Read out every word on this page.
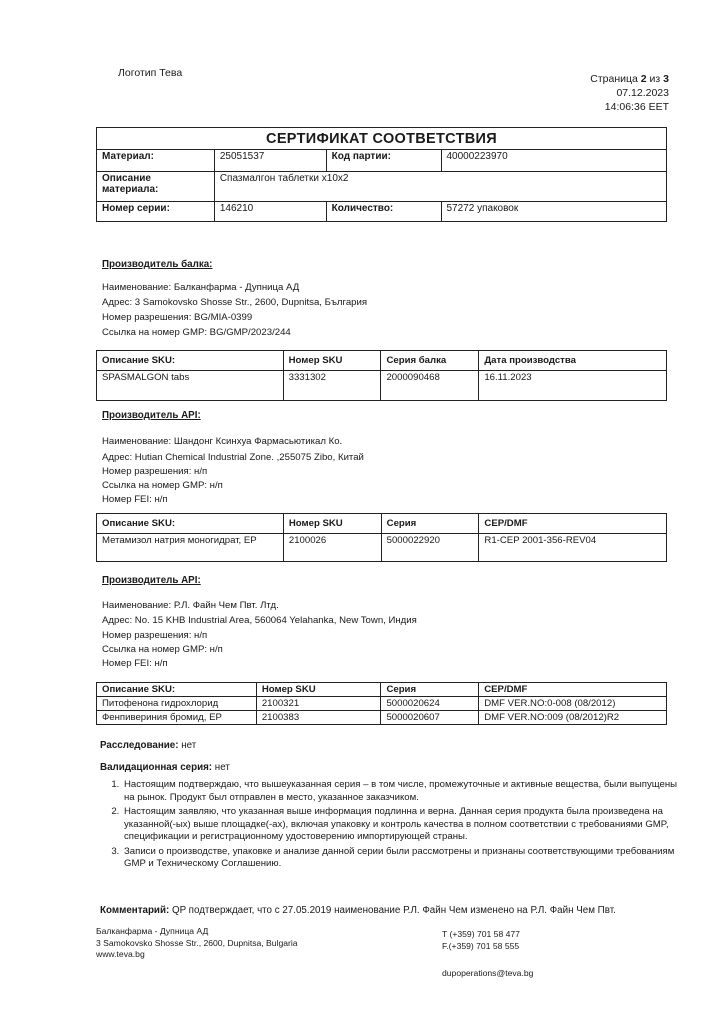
Логотип Тева	Страница 2 из 3
07.12.2023
14:06:36 EET
СЕРТИФИКАТ СООТВЕТСТВИЯ			
Материал:	25051537	Код партии:	40000223970
Описание материала:	Спазмалгон таблетки x10x2		
Номер серии:	146210	Количество:	57272 упаковок
Производитель балка:
Наименование: Балканфарма - Дупница АД
Адрес: 3 Samokovsko Shosse Str., 2600, Dupnitsa, България
Номер разрешения: BG/MIA-0399
Ссылка на номер GMP: BG/GMP/2023/244
Описание SKU:	Номер SKU	Серия балка	Дата производства
SPASMALGON tabs	3331302	2000090468	16.11.2023
Производитель API:
Наименование: Шандонг Ксинхуа Фармасьютикал Ко.
Адрес: Hutian Chemical Industrial Zone. ,255075 Zibo, Китай
Номер разрешения: н/п
Ссылка на номер GMP: н/п
Номер FEI: н/п
Описание SKU:	Номер SKU	Серия	CEP/DMF
Метамизол натрия моногидрат, EP	2100026	5000022920	R1-CEP 2001-356-REV04
Производитель API:
Наименование: Р.Л. Файн Чем Пвт. Лтд.
Адрес: No. 15 KHB Industrial Area, 560064 Yelahanka, New Town, Индия
Номер разрешения: н/п
Ссылка на номер GMP: н/п
Номер FEI: н/п
Описание SKU:	Номер SKU	Серия	CEP/DMF
Питофенона гидрохлорид	2100321	5000020624	DMF VER.NO:0-008 (08/2012)
Фенпивериния бромид, EP	2100383	5000020607	DMF VER.NO:009 (08/2012)R2
Расследование: нет
Валидационная серия: нет
1. Настоящим подтверждаю, что вышеуказанная серия – в том числе, промежуточные и активные вещества, были выпущены на рынок. Продукт был отправлен в место, указанное заказчиком.
2. Настоящим заявляю, что указанная выше информация подлинна и верна. Данная серия продукта была произведена на указанной(-ых) выше площадке(-ах), включая упаковку и контроль качества в полном соответствии с требованиями GMP, спецификации и регистрационному удостоверению импортирующей страны.
3. Записи о производстве, упаковке и анализе данной серии были рассмотрены и признаны соответствующими требованиям GMP и Техническому Соглашению.
Комментарий: QP подтверждает, что с 27.05.2019 наименование Р.Л. Файн Чем изменено на Р.Л. Файн Чем Пвт.
Балканфарма - Дупница АД
3 Samokovsko Shosse Str., 2600, Dupnitsa, Bulgaria
www.teva.bg
T (+359) 701 58 477
F.(+359) 701 58 555
dupoperations@teva.bg
